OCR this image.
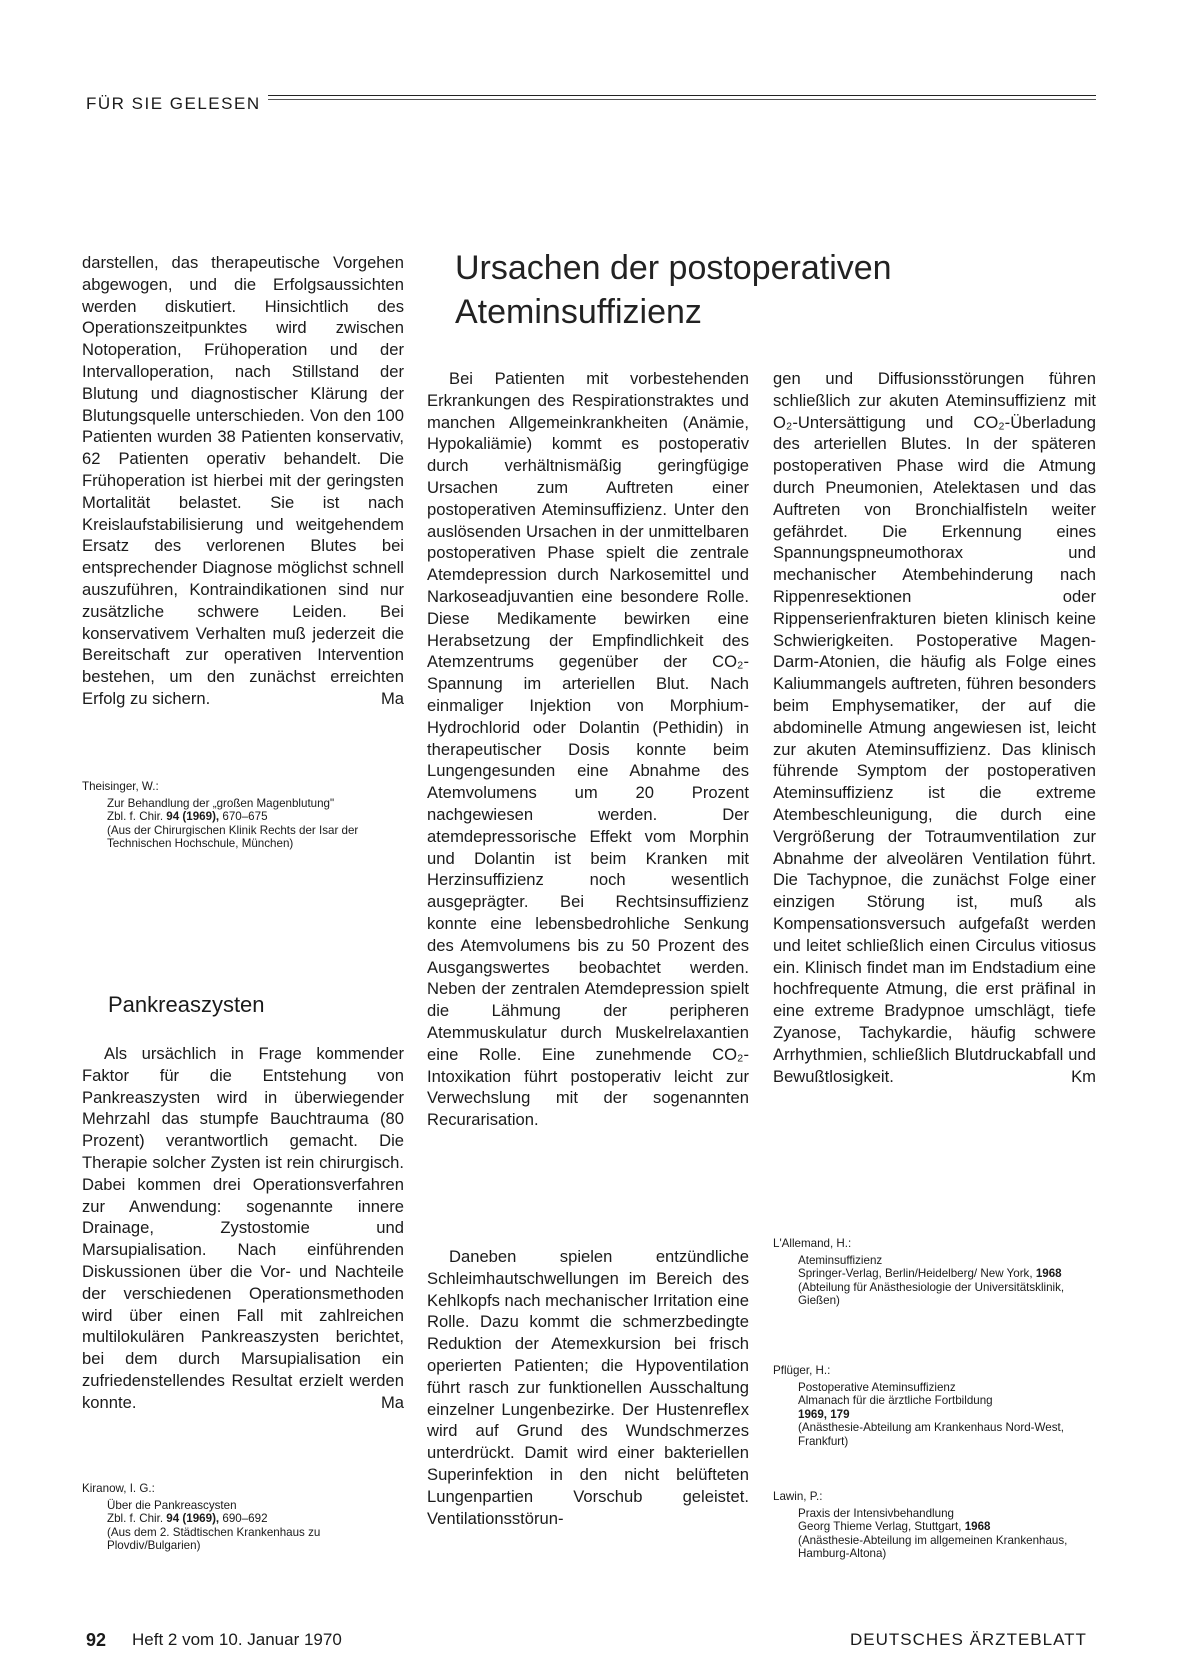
FÜR SIE GELESEN

darstellen, das therapeutische Vorgehen abgewogen, und die Erfolgsaussichten werden diskutiert. Hinsichtlich des Operationszeitpunktes wird zwischen Notoperation, Frühoperation und der Intervalloperation, nach Stillstand der Blutung und diagnostischer Klärung der Blutungsquelle unterschieden. Von den 100 Patienten wurden 38 Patienten konservativ, 62 Patienten operativ behandelt. Die Frühoperation ist hierbei mit der geringsten Mortalität belastet. Sie ist nach Kreislaufstabilisierung und weitgehendem Ersatz des verlorenen Blutes bei entsprechender Diagnose möglichst schnell auszuführen, Kontraindikationen sind nur zusätzliche schwere Leiden. Bei konservativem Verhalten muß jederzeit die Bereitschaft zur operativen Intervention bestehen, um den zunächst erreichten Erfolg zu sichern.	Ma

Theisinger, W.:
Zur Behandlung der „großen Magenblutung"
Zbl. f. Chir. 94 (1969), 670–675
(Aus der Chirurgischen Klinik Rechts der Isar der Technischen Hochschule, München)
Pankreaszysten

Als ursächlich in Frage kommender Faktor für die Entstehung von Pankreaszysten wird in überwiegender Mehrzahl das stumpfe Bauchtrauma (80 Prozent) verantwortlich gemacht. Die Therapie solcher Zysten ist rein chirurgisch. Dabei kommen drei Operationsverfahren zur Anwendung: sogenannte innere Drainage, Zystostomie und Marsupialisation. Nach einführenden Diskussionen über die Vor- und Nachteile der verschiedenen Operationsmethoden wird über einen Fall mit zahlreichen multilokulären Pankreaszysten berichtet, bei dem durch Marsupialisation ein zufriedenstellendes Resultat erzielt werden konnte.	Ma

Kiranow, I. G.:
Über die Pankreascysten
Zbl. f. Chir. 94 (1969), 690–692
(Aus dem 2. Städtischen Krankenhaus zu Plovdiv/Bulgarien)
Ursachen der postoperativen
Ateminsuffizienz

Bei Patienten mit vorbestehenden Erkrankungen des Respirationstraktes und manchen Allgemeinkrankheiten (Anämie, Hypokaliämie) kommt es postoperativ durch verhältnismäßig geringfügige Ursachen zum Auftreten einer postoperativen Ateminsuffizienz. Unter den auslösenden Ursachen in der unmittelbaren postoperativen Phase spielt die zentrale Atemdepression durch Narkosemittel und Narkoseadjuvantien eine besondere Rolle. Diese Medikamente bewirken eine Herabsetzung der Empfindlichkeit des Atemzentrums gegenüber der CO₂-Spannung im arteriellen Blut. Nach einmaliger Injektion von Morphium-Hydrochlorid oder Dolantin (Pethidin) in therapeutischer Dosis konnte beim Lungengesunden eine Abnahme des Atemvolumens um 20 Prozent nachgewiesen werden. Der atemdepressorische Effekt vom Morphin und Dolantin ist beim Kranken mit Herzinsuffizienz noch wesentlich ausgeprägter. Bei Rechtsinsuffizienz konnte eine lebensbedrohliche Senkung des Atemvolumens bis zu 50 Prozent des Ausgangswertes beobachtet werden. Neben der zentralen Atemdepression spielt die Lähmung der peripheren Atemmuskulatur durch Muskelrelaxantien eine Rolle. Eine zunehmende CO₂-Intoxikation führt postoperativ leicht zur Verwechslung mit der sogenannten Recurarisation.

Daneben spielen entzündliche Schleimhautschwellungen im Bereich des Kehlkopfs nach mechanischer Irritation eine Rolle. Dazu kommt die schmerzbedingte Reduktion der Atemexkursion bei frisch operierten Patienten; die Hypoventilation führt rasch zur funktionellen Ausschaltung einzelner Lungenbezirke. Der Hustenreflex wird auf Grund des Wundschmerzes unterdrückt. Damit wird einer bakteriellen Superinfektion in den nicht belüfteten Lungenpartien Vorschub geleistet. Ventilationsstörun-

gen und Diffusionsstörungen führen schließlich zur akuten Ateminsuffizienz mit O₂-Untersättigung und CO₂-Überladung des arteriellen Blutes. In der späteren postoperativen Phase wird die Atmung durch Pneumonien, Atelektasen und das Auftreten von Bronchialfisteln weiter gefährdet. Die Erkennung eines Spannungspneumothorax und mechanischer Atembehinderung nach Rippenresektionen oder Rippenserienfrakturen bieten klinisch keine Schwierigkeiten. Postoperative Magen-Darm-Atonien, die häufig als Folge eines Kaliummangels auftreten, führen besonders beim Emphysematiker, der auf die abdominelle Atmung angewiesen ist, leicht zur akuten Ateminsuffizienz. Das klinisch führende Symptom der postoperativen Ateminsuffizienz ist die extreme Atembeschleunigung, die durch eine Vergrößerung der Totraumventilation zur Abnahme der alveolären Ventilation führt. Die Tachypnoe, die zunächst Folge einer einzigen Störung ist, muß als Kompensationsversuch aufgefaßt werden und leitet schließlich einen Circulus vitiosus ein. Klinisch findet man im Endstadium eine hochfrequente Atmung, die erst präfinal in eine extreme Bradypnoe umschlägt, tiefe Zyanose, Tachykardie, häufig schwere Arrhythmien, schließlich Blutdruckabfall und Bewußtlosigkeit.	Km

L'Allemand, H.:
Ateminsuffizienz
Springer-Verlag, Berlin/Heidelberg/ New York, 1968
(Abteilung für Anästhesiologie der Universitätsklinik, Gießen)
Pflüger, H.:
Postoperative Ateminsuffizienz
Almanach für die ärztliche Fortbildung
1969, 179
(Anästhesie-Abteilung am Krankenhaus Nord-West, Frankfurt)
Lawin, P.:
Praxis der Intensivbehandlung
Georg Thieme Verlag, Stuttgart, 1968
(Anästhesie-Abteilung im allgemeinen Krankenhaus, Hamburg-Altona)
92 Heft 2 vom 10. Januar 1970	DEUTSCHES ÄRZTEBLATT
